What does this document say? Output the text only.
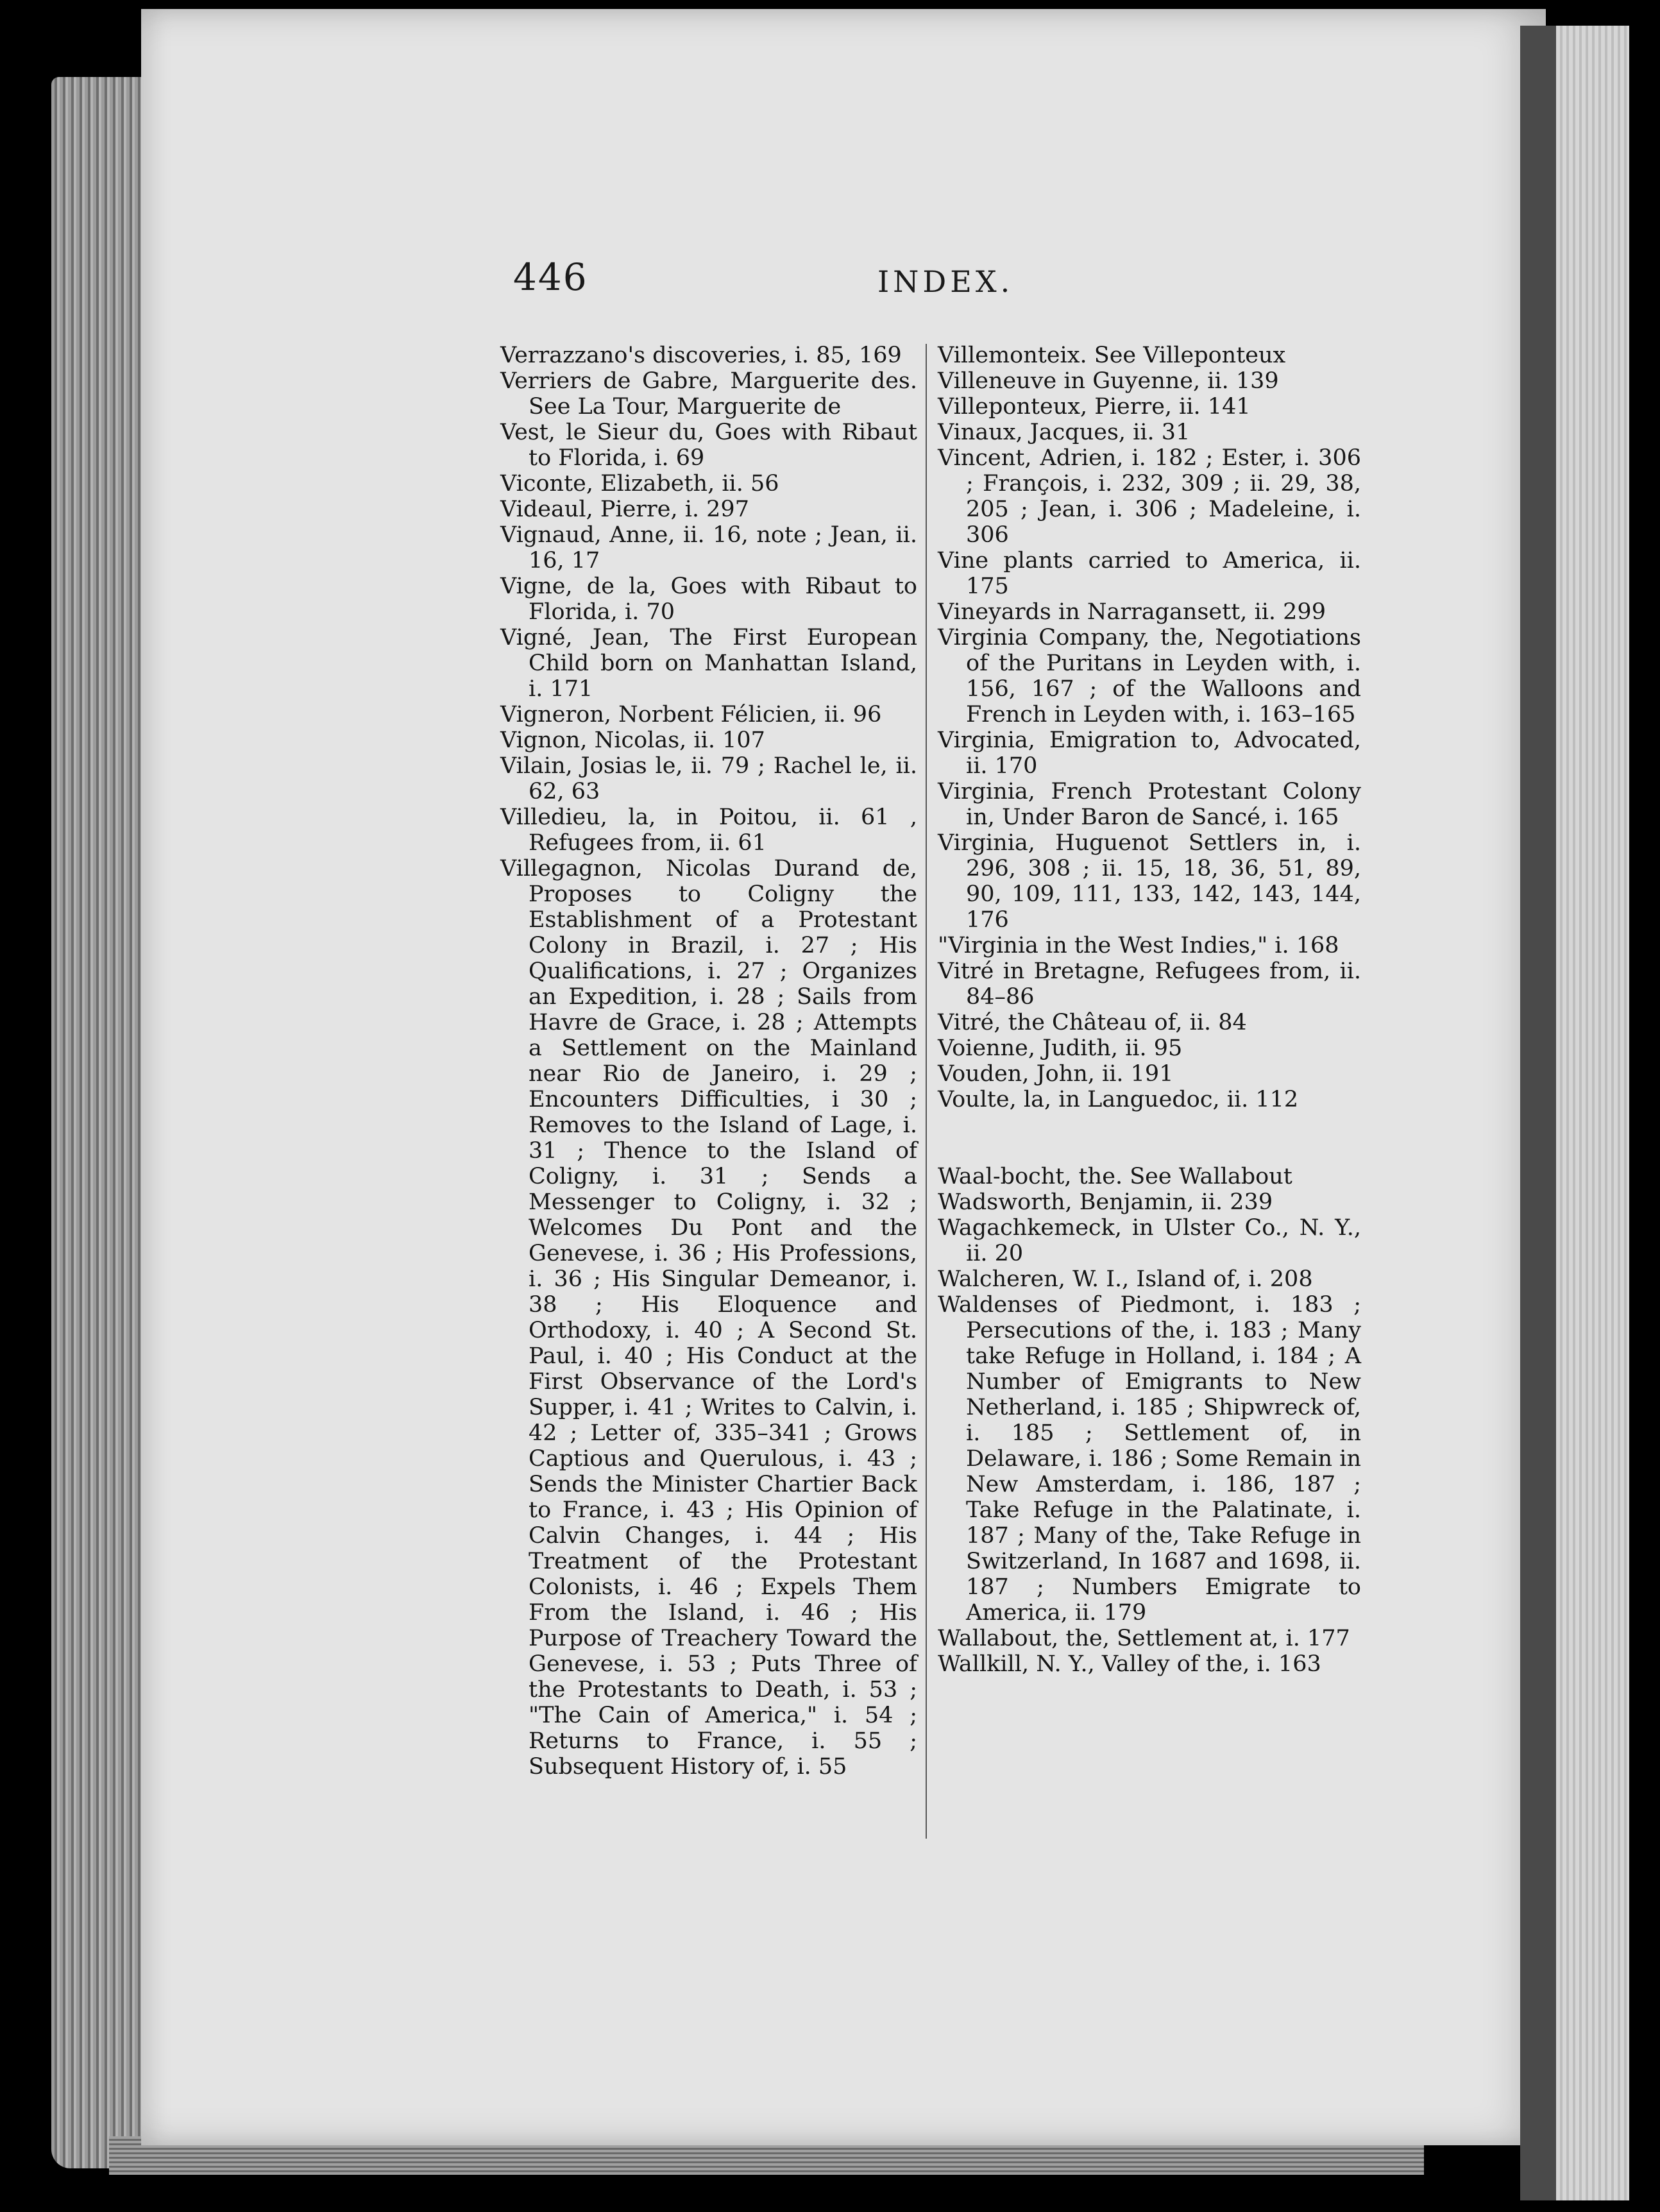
446	INDEX.

Verrazzano's discoveries, i. 85, 169

Verriers de Gabre, Marguerite des. See La Tour, Marguerite de

Vest, le Sieur du, Goes with Ribaut to Florida, i. 69

Viconte, Elizabeth, ii. 56

Videaul, Pierre, i. 297

Vignaud, Anne, ii. 16, note ; Jean, ii. 16, 17

Vigne, de la, Goes with Ribaut to Florida, i. 70

Vigné, Jean, The First European Child born on Manhattan Island, i. 171

Vigneron, Norbent Félicien, ii. 96

Vignon, Nicolas, ii. 107

Vilain, Josias le, ii. 79 ; Rachel le, ii. 62, 63

Villedieu, la, in Poitou, ii. 61 , Refugees from, ii. 61

Villegagnon, Nicolas Durand de, Proposes to Coligny the Establishment of a Protestant Colony in Brazil, i. 27 ; His Qualifications, i. 27 ; Organizes an Expedition, i. 28 ; Sails from Havre de Grace, i. 28 ; Attempts a Settlement on the Mainland near Rio de Janeiro, i. 29 ; Encounters Difficulties, i 30 ; Removes to the Island of Lage, i. 31 ; Thence to the Island of Coligny, i. 31 ; Sends a Messenger to Coligny, i. 32 ; Welcomes Du Pont and the Genevese, i. 36 ; His Professions, i. 36 ; His Singular Demeanor, i. 38 ; His Eloquence and Orthodoxy, i. 40 ; A Second St. Paul, i. 40 ; His Conduct at the First Observance of the Lord's Supper, i. 41 ; Writes to Calvin, i. 42 ; Letter of, 335–341 ; Grows Captious and Querulous, i. 43 ; Sends the Minister Chartier Back to France, i. 43 ; His Opinion of Calvin Changes, i. 44 ; His Treatment of the Protestant Colonists, i. 46 ; Expels Them From the Island, i. 46 ; His Purpose of Treachery Toward the Genevese, i. 53 ; Puts Three of the Protestants to Death, i. 53 ; "The Cain of America," i. 54 ; Returns to France, i. 55 ; Subsequent History of, i. 55

Villemonteix. See Villeponteux

Villeneuve in Guyenne, ii. 139

Villeponteux, Pierre, ii. 141

Vinaux, Jacques, ii. 31

Vincent, Adrien, i. 182 ; Ester, i. 306 ; François, i. 232, 309 ; ii. 29, 38, 205 ; Jean, i. 306 ; Madeleine, i. 306

Vine plants carried to America, ii. 175

Vineyards in Narragansett, ii. 299

Virginia Company, the, Negotiations of the Puritans in Leyden with, i. 156, 167 ; of the Walloons and French in Leyden with, i. 163–165

Virginia, Emigration to, Advocated, ii. 170

Virginia, French Protestant Colony in, Under Baron de Sancé, i. 165

Virginia, Huguenot Settlers in, i. 296, 308 ; ii. 15, 18, 36, 51, 89, 90, 109, 111, 133, 142, 143, 144, 176

"Virginia in the West Indies," i. 168

Vitré in Bretagne, Refugees from, ii. 84–86

Vitré, the Château of, ii. 84

Voienne, Judith, ii. 95

Vouden, John, ii. 191

Voulte, la, in Languedoc, ii. 112

Waal-bocht, the. See Wallabout

Wadsworth, Benjamin, ii. 239

Wagachkemeck, in Ulster Co., N. Y., ii. 20

Walcheren, W. I., Island of, i. 208

Waldenses of Piedmont, i. 183 ; Persecutions of the, i. 183 ; Many take Refuge in Holland, i. 184 ; A Number of Emigrants to New Netherland, i. 185 ; Shipwreck of, i. 185 ; Settlement of, in Delaware, i. 186 ; Some Remain in New Amsterdam, i. 186, 187 ; Take Refuge in the Palatinate, i. 187 ; Many of the, Take Refuge in Switzerland, In 1687 and 1698, ii. 187 ; Numbers Emigrate to America, ii. 179

Wallabout, the, Settlement at, i. 177

Wallkill, N. Y., Valley of the, i. 163
